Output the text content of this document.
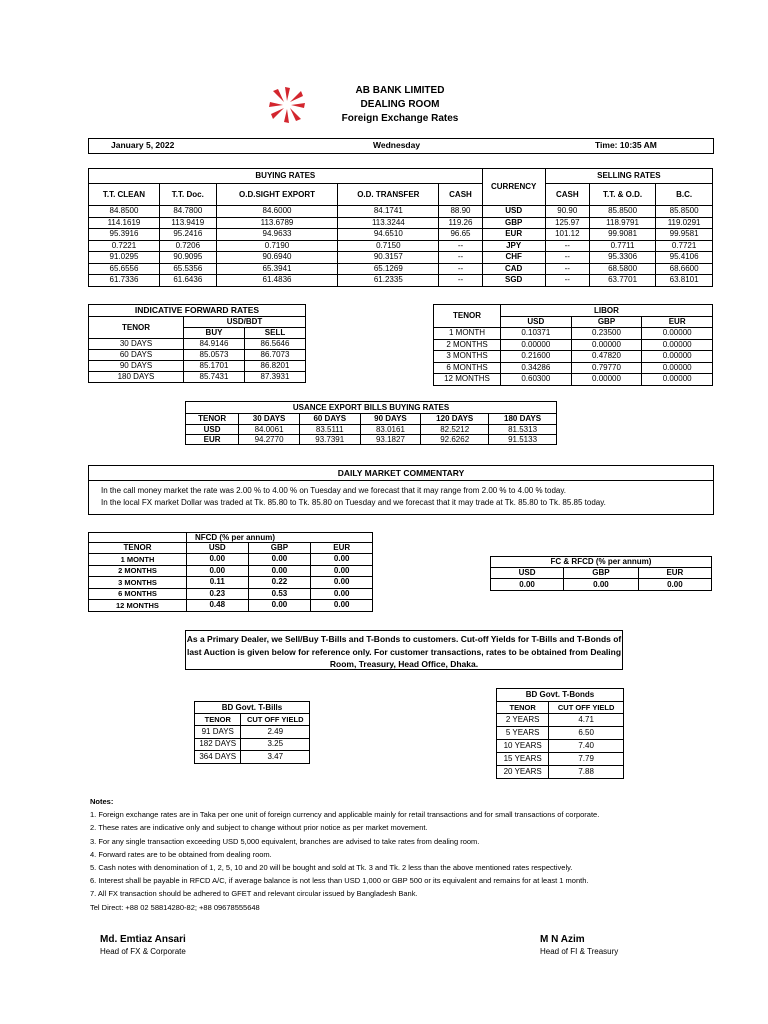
AB BANK LIMITED
DEALING ROOM
Foreign Exchange Rates
January 5, 2022	Wednesday	Time: 10:35 AM
BUYING RATES					CURRENCY	SELLING RATES		
T.T. CLEAN	T.T. Doc.	O.D.SIGHT EXPORT	O.D. TRANSFER	CASH		CASH	T.T. & O.D.	B.C.
84.8500	84.7800	84.6000	84.1741	88.90	USD	90.90	85.8500	85.8500
114.1619	113.9419	113.6789	113.3244	119.26	GBP	125.97	118.9791	119.0291
95.3916	95.2416	94.9633	94.6510	96.65	EUR	101.12	99.9081	99.9581
0.7221	0.7206	0.7190	0.7150	--	JPY	--	0.7711	0.7721
91.0295	90.9095	90.6940	90.3157	--	CHF	--	95.3306	95.4106
65.6556	65.5356	65.3941	65.1269	--	CAD	--	68.5800	68.6600
61.7336	61.6436	61.4836	61.2335	--	SGD	--	63.7701	63.8101
INDICATIVE FORWARD RATES		
TENOR	USD/BDT	
	BUY	SELL
30 DAYS	84.9146	86.5646
60 DAYS	85.0573	86.7073
90 DAYS	85.1701	86.8201
180 DAYS	85.7431	87.3931
TENOR	LIBOR		
	USD	GBP	EUR
1 MONTH	0.10371	0.23500	0.00000
2 MONTHS	0.00000	0.00000	0.00000
3 MONTHS	0.21600	0.47820	0.00000
6 MONTHS	0.34286	0.79770	0.00000
12 MONTHS	0.60300	0.00000	0.00000
USANCE EXPORT BILLS BUYING RATES					
TENOR	30 DAYS	60 DAYS	90 DAYS	120 DAYS	180 DAYS
USD	84.0061	83.5111	83.0161	82.5212	81.5313
EUR	94.2770	93.7391	93.1827	92.6262	91.5133
DAILY MARKET COMMENTARY
In the call money market the rate was 2.00 % to 4.00 % on Tuesday and we forecast that it may range from 2.00 % to 4.00 % today.
In the local FX market Dollar was traded at Tk. 85.80 to Tk. 85.80 on Tuesday and we forecast that it may trade at Tk. 85.80 to Tk. 85.85 today.
	NFCD (% per annum)		
TENOR	USD	GBP	EUR
1 MONTH	0.00	0.00	0.00
2 MONTHS	0.00	0.00	0.00
3 MONTHS	0.11	0.22	0.00
6 MONTHS	0.23	0.53	0.00
12 MONTHS	0.48	0.00	0.00
FC & RFCD (% per annum)		
USD	GBP	EUR
0.00	0.00	0.00
As a Primary Dealer, we Sell/Buy T-Bills and T-Bonds to customers. Cut-off Yields for T-Bills and T-Bonds of last Auction is given below for reference only. For customer transactions, rates to be obtained from Dealing Room, Treasury, Head Office, Dhaka.
BD Govt. T-Bills	
TENOR	CUT OFF YIELD
91 DAYS	2.49
182 DAYS	3.25
364 DAYS	3.47
BD Govt. T-Bonds	
TENOR	CUT OFF YIELD
2 YEARS	4.71
5 YEARS	6.50
10 YEARS	7.40
15 YEARS	7.79
20 YEARS	7.88
Notes:
1. Foreign exchange rates are in Taka per one unit of foreign currency and applicable mainly for retail transactions and for small transactions of corporate.
2. These rates are indicative only and subject to change without prior notice as per market movement.
3. For any single transaction exceeding USD 5,000 equivalent, branches are advised to take rates from dealing room.
4. Forward rates are to be obtained from dealing room.
5. Cash notes with denomination of 1, 2, 5, 10 and 20 will be bought and sold at Tk. 3 and Tk. 2 less than the above mentioned rates respectively.
6. Interest shall be payable in RFCD A/C, if average balance is not less than USD 1,000 or GBP 500 or its equivalent and remains for at least 1 month.
7. All FX transaction should be adhered to GFET and relevant circular issued by Bangladesh Bank.
Tel Direct: +88 02 58814280-82; +88 09678555648
Md. Emtiaz Ansari
Head of FX & Corporate
M N Azim
Head of FI & Treasury
